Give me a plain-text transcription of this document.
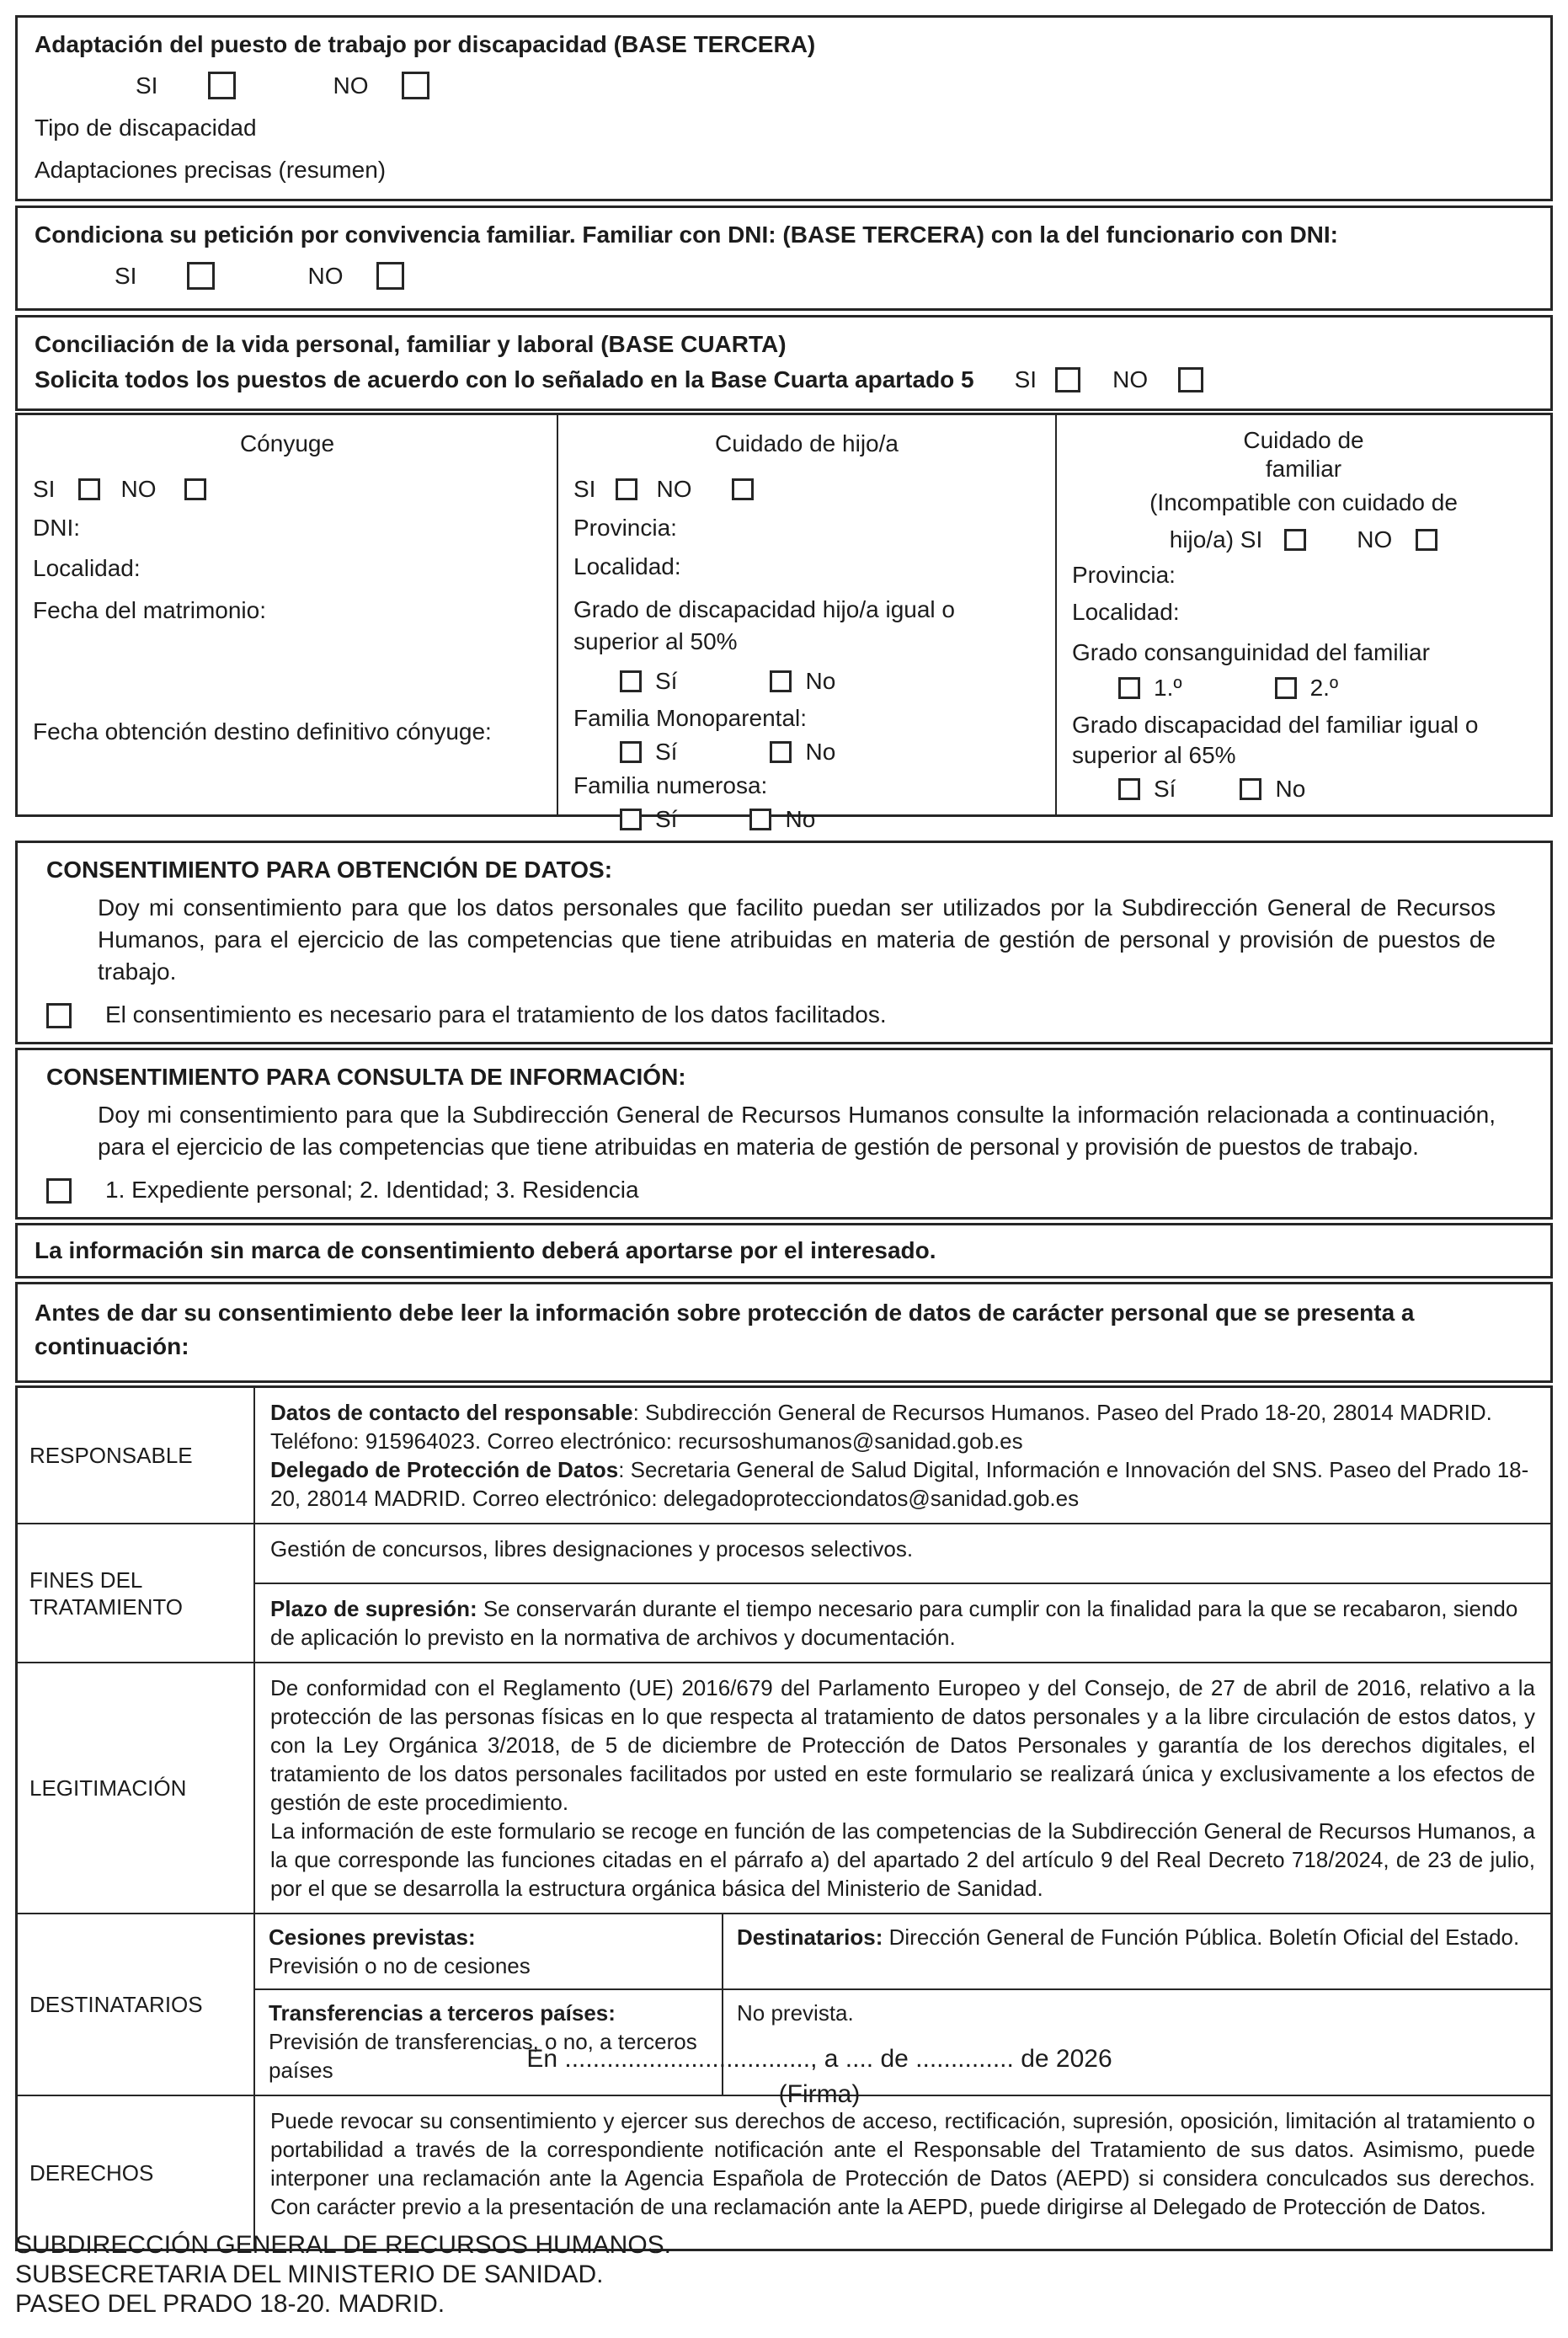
Adaptación del puesto de trabajo por discapacidad (BASE TERCERA)
SI	NO
Tipo de discapacidad
Adaptaciones precisas (resumen)
Condiciona su petición por convivencia familiar. Familiar con DNI: (BASE TERCERA) con la del funcionario con DNI:
SI	NO
Conciliación de la vida personal, familiar y laboral (BASE CUARTA)
Solicita todos los puestos de acuerdo con lo señalado en la Base Cuarta apartado 5 SI	NO
Cónyuge
SI	NO
DNI:
Localidad:
Fecha del matrimonio:
Fecha obtención destino definitivo cónyuge:
Cuidado de hijo/a
SI	NO
Provincia:
Localidad:
Grado de discapacidad hijo/a igual o superior al 50%
Sí	No
Familia Monoparental:
Sí	No
Familia numerosa:
Sí	No
Cuidado de
familiar
(Incompatible con cuidado de
hijo/a) SI	NO
Provincia:
Localidad:
Grado consanguinidad del familiar
1.º	2.º
Grado discapacidad del familiar igual o superior al 65%
Sí	No
CONSENTIMIENTO PARA OBTENCIÓN DE DATOS:
Doy mi consentimiento para que los datos personales que facilito puedan ser utilizados por la Subdirección General de Recursos Humanos, para el ejercicio de las competencias que tiene atribuidas en materia de gestión de personal y provisión de puestos de trabajo.
El consentimiento es necesario para el tratamiento de los datos facilitados.
CONSENTIMIENTO PARA CONSULTA DE INFORMACIÓN:
Doy mi consentimiento para que la Subdirección General de Recursos Humanos consulte la información relacionada a continuación, para el ejercicio de las competencias que tiene atribuidas en materia de gestión de personal y provisión de puestos de trabajo.
1. Expediente personal; 2. Identidad; 3. Residencia
La información sin marca de consentimiento deberá aportarse por el interesado.
Antes de dar su consentimiento debe leer la información sobre protección de datos de carácter personal que se presenta a continuación:
RESPONSABLE
Datos de contacto del responsable: Subdirección General de Recursos Humanos. Paseo del Prado 18-20, 28014 MADRID. Teléfono: 915964023. Correo electrónico: recursoshumanos@sanidad.gob.es
Delegado de Protección de Datos: Secretaria General de Salud Digital, Información e Innovación del SNS. Paseo del Prado 18-20, 28014 MADRID. Correo electrónico: delegadoprotecciondatos@sanidad.gob.es
FINES DEL TRATAMIENTO
Gestión de concursos, libres designaciones y procesos selectivos.
Plazo de supresión: Se conservarán durante el tiempo necesario para cumplir con la finalidad para la que se recabaron, siendo de aplicación lo previsto en la normativa de archivos y documentación.
LEGITIMACIÓN
De conformidad con el Reglamento (UE) 2016/679 del Parlamento Europeo y del Consejo, de 27 de abril de 2016, relativo a la protección de las personas físicas en lo que respecta al tratamiento de datos personales y a la libre circulación de estos datos, y con la Ley Orgánica 3/2018, de 5 de diciembre de Protección de Datos Personales y garantía de los derechos digitales, el tratamiento de los datos personales facilitados por usted en este formulario se realizará única y exclusivamente a los efectos de gestión de este procedimiento.
La información de este formulario se recoge en función de las competencias de la Subdirección General de Recursos Humanos, a la que corresponde las funciones citadas en el párrafo a) del apartado 2 del artículo 9 del Real Decreto 718/2024, de 23 de julio, por el que se desarrolla la estructura orgánica básica del Ministerio de Sanidad.
DESTINATARIOS
Cesiones previstas:
Previsión o no de cesiones
Destinatarios: Dirección General de Función Pública. Boletín Oficial del Estado.
Transferencias a terceros países:
Previsión de transferencias, o no, a terceros países
No prevista.
DERECHOS
Puede revocar su consentimiento y ejercer sus derechos de acceso, rectificación, supresión, oposición, limitación al tratamiento o portabilidad a través de la correspondiente notificación ante el Responsable del Tratamiento de sus datos. Asimismo, puede interponer una reclamación ante la Agencia Española de Protección de Datos (AEPD) si considera conculcados sus derechos. Con carácter previo a la presentación de una reclamación ante la AEPD, puede dirigirse al Delegado de Protección de Datos.
En ..................................., a .... de .............. de 2026
(Firma)
SUBDIRECCIÓN GENERAL DE RECURSOS HUMANOS.
SUBSECRETARIA DEL MINISTERIO DE SANIDAD.
PASEO DEL PRADO 18-20. MADRID.
